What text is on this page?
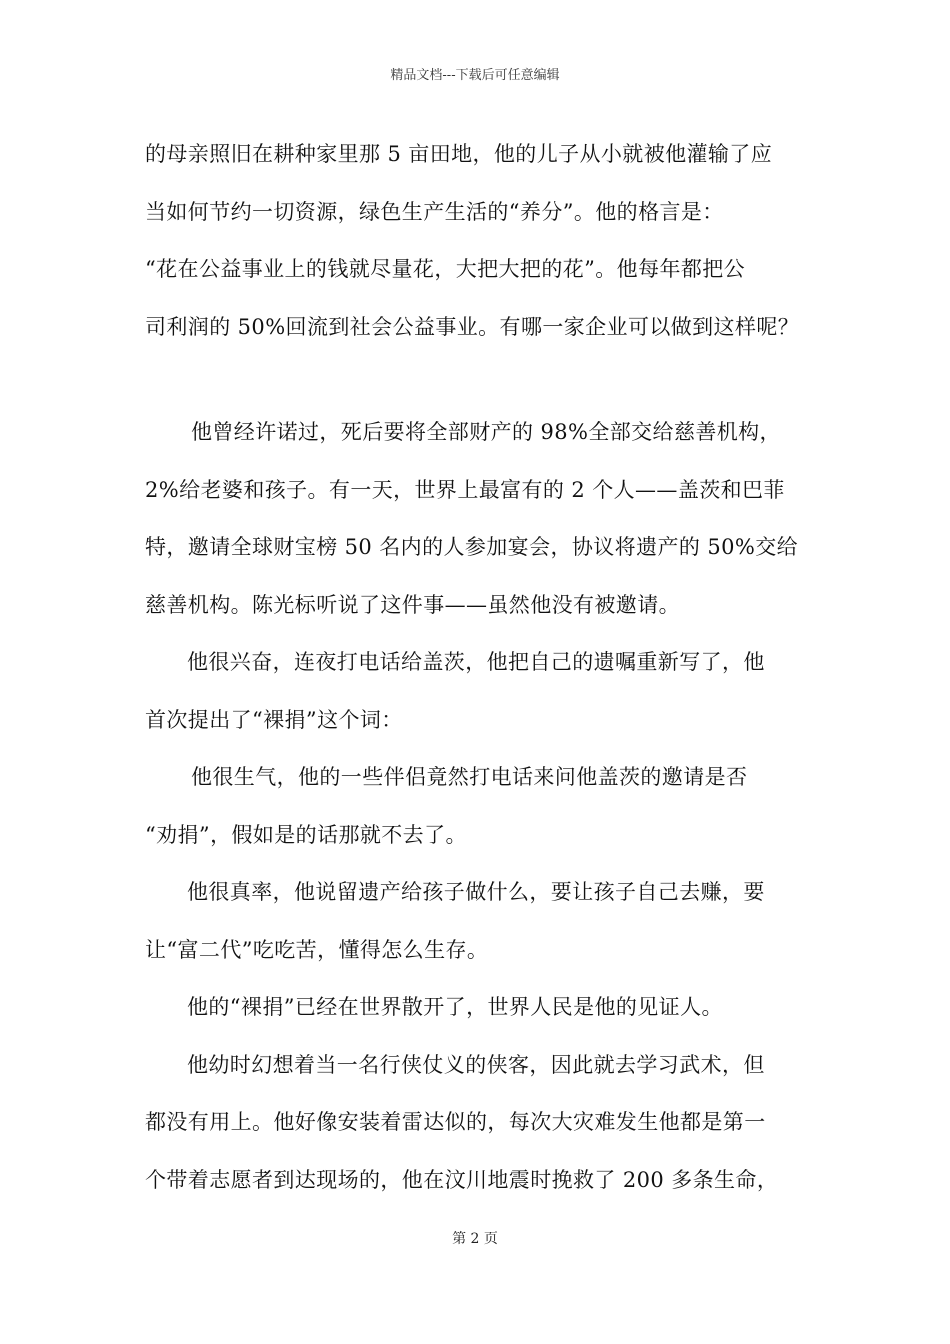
精品文档---下载后可任意编辑
的母亲照旧在耕种家里那 5 亩田地，他的儿子从小就被他灌输了应
当如何节约一切资源，绿色生产生活的“养分”。他的格言是：
“花在公益事业上的钱就尽量花，大把大把的花”。他每年都把公
司利润的 50%回流到社会公益事业。有哪一家企业可以做到这样呢？
他曾经许诺过，死后要将全部财产的 98%全部交给慈善机构，
2%给老婆和孩子。有一天，世界上最富有的 2 个人——盖茨和巴菲
特，邀请全球财宝榜 50 名内的人参加宴会，协议将遗产的 50%交给
慈善机构。陈光标听说了这件事——虽然他没有被邀请。
他很兴奋，连夜打电话给盖茨，他把自己的遗嘱重新写了，他
首次提出了“裸捐”这个词：
他很生气，他的一些伴侣竟然打电话来问他盖茨的邀请是否
“劝捐”，假如是的话那就不去了。
他很真率，他说留遗产给孩子做什么，要让孩子自己去赚，要
让“富二代”吃吃苦，懂得怎么生存。
他的“裸捐”已经在世界散开了，世界人民是他的见证人。
他幼时幻想着当一名行侠仗义的侠客，因此就去学习武术，但
都没有用上。他好像安装着雷达似的，每次大灾难发生他都是第一
个带着志愿者到达现场的，他在汶川地震时挽救了 200 多条生命，
第 2 页
